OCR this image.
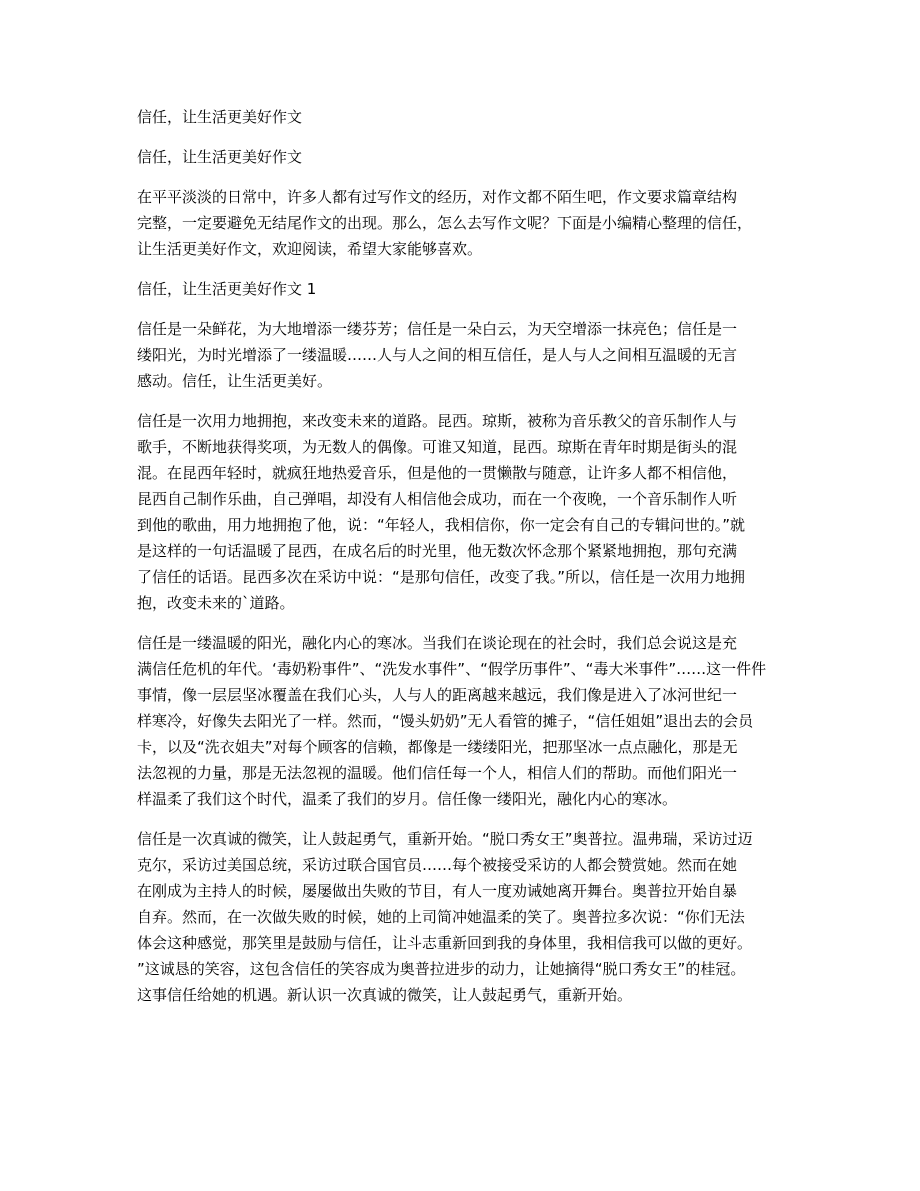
信任，让生活更美好作文
信任，让生活更美好作文
在平平淡淡的日常中，许多人都有过写作文的经历，对作文都不陌生吧，作文要求篇章结构
完整，一定要避免无结尾作文的出现。那么，怎么去写作文呢？下面是小编精心整理的信任，
让生活更美好作文，欢迎阅读，希望大家能够喜欢。
信任，让生活更美好作文 1
信任是一朵鲜花，为大地增添一缕芬芳；信任是一朵白云，为天空增添一抹亮色；信任是一
缕阳光，为时光增添了一缕温暖……人与人之间的相互信任，是人与人之间相互温暖的无言
感动。信任，让生活更美好。
信任是一次用力地拥抱，来改变未来的道路。昆西。琼斯，被称为音乐教父的音乐制作人与
歌手，不断地获得奖项，为无数人的偶像。可谁又知道，昆西。琼斯在青年时期是街头的混
混。在昆西年轻时，就疯狂地热爱音乐，但是他的一贯懒散与随意，让许多人都不相信他，
昆西自己制作乐曲，自己弹唱，却没有人相信他会成功，而在一个夜晚，一个音乐制作人听
到他的歌曲，用力地拥抱了他，说：“年轻人，我相信你，你一定会有自己的专辑问世的。”就
是这样的一句话温暖了昆西，在成名后的时光里，他无数次怀念那个紧紧地拥抱，那句充满
了信任的话语。昆西多次在采访中说：“是那句信任，改变了我。”所以，信任是一次用力地拥
抱，改变未来的`道路。
信任是一缕温暖的阳光，融化内心的寒冰。当我们在谈论现在的社会时，我们总会说这是充
满信任危机的年代。‘毒奶粉事件”、“洗发水事件”、“假学历事件”、“毒大米事件”……这一件件
事情，像一层层坚冰覆盖在我们心头，人与人的距离越来越远，我们像是进入了冰河世纪一
样寒冷，好像失去阳光了一样。然而，“馒头奶奶”无人看管的摊子，“信任姐姐”退出去的会员
卡，以及“洗衣姐夫”对每个顾客的信赖，都像是一缕缕阳光，把那坚冰一点点融化，那是无
法忽视的力量，那是无法忽视的温暖。他们信任每一个人，相信人们的帮助。而他们阳光一
样温柔了我们这个时代，温柔了我们的岁月。信任像一缕阳光，融化内心的寒冰。
信任是一次真诚的微笑，让人鼓起勇气，重新开始。“脱口秀女王”奥普拉。温弗瑞，采访过迈
克尔，采访过美国总统，采访过联合国官员……每个被接受采访的人都会赞赏她。然而在她
在刚成为主持人的时候，屡屡做出失败的节目，有人一度劝诫她离开舞台。奥普拉开始自暴
自弃。然而，在一次做失败的时候，她的上司简冲她温柔的笑了。奥普拉多次说：“你们无法
体会这种感觉，那笑里是鼓励与信任，让斗志重新回到我的身体里，我相信我可以做的更好。
”这诚恳的笑容，这包含信任的笑容成为奥普拉进步的动力，让她摘得“脱口秀女王”的桂冠。
这事信任给她的机遇。新认识一次真诚的微笑，让人鼓起勇气，重新开始。
